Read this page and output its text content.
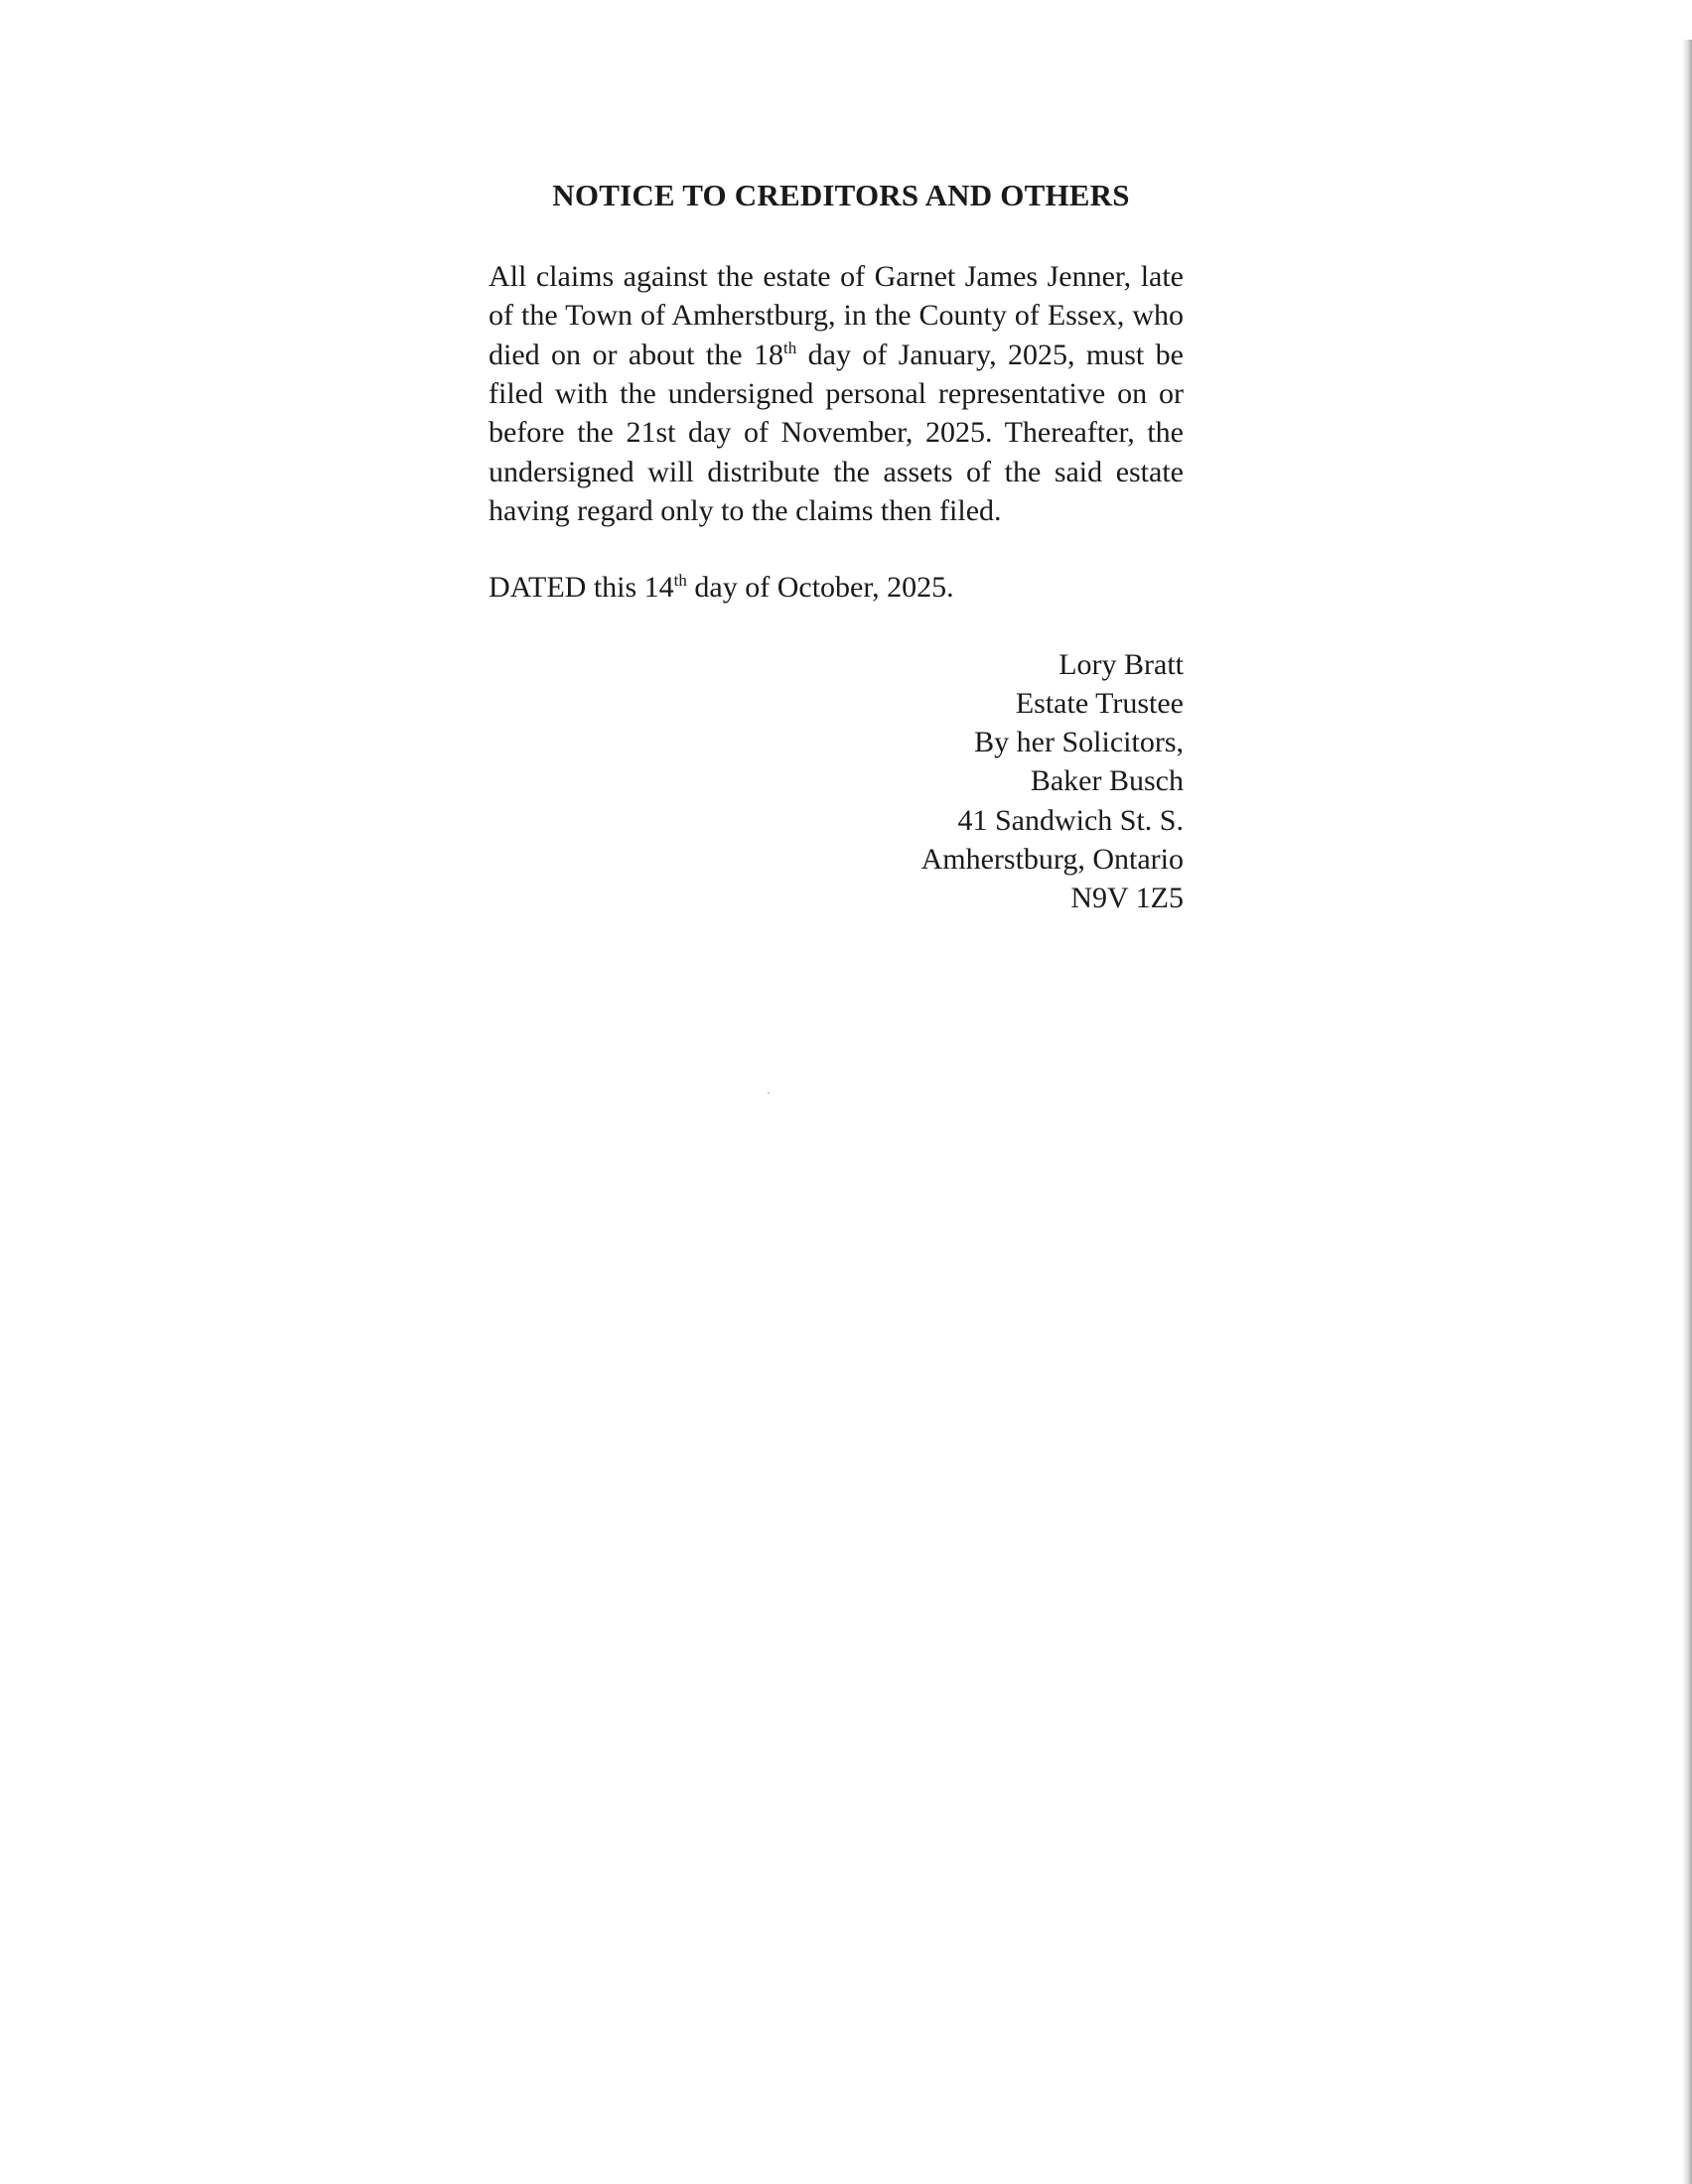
NOTICE TO CREDITORS AND OTHERS

All claims against the estate of Garnet James Jenner, late of the Town of Amherstburg, in the County of Essex, who died on or about the 18th day of January, 2025, must be filed with the undersigned personal representative on or before the 21st day of November, 2025. Thereafter, the undersigned will distribute the assets of the said estate having regard only to the claims then filed.

DATED this 14th day of October, 2025.

Lory Bratt
Estate Trustee
By her Solicitors,
Baker Busch
41 Sandwich St. S.
Amherstburg, Ontario
N9V 1Z5
